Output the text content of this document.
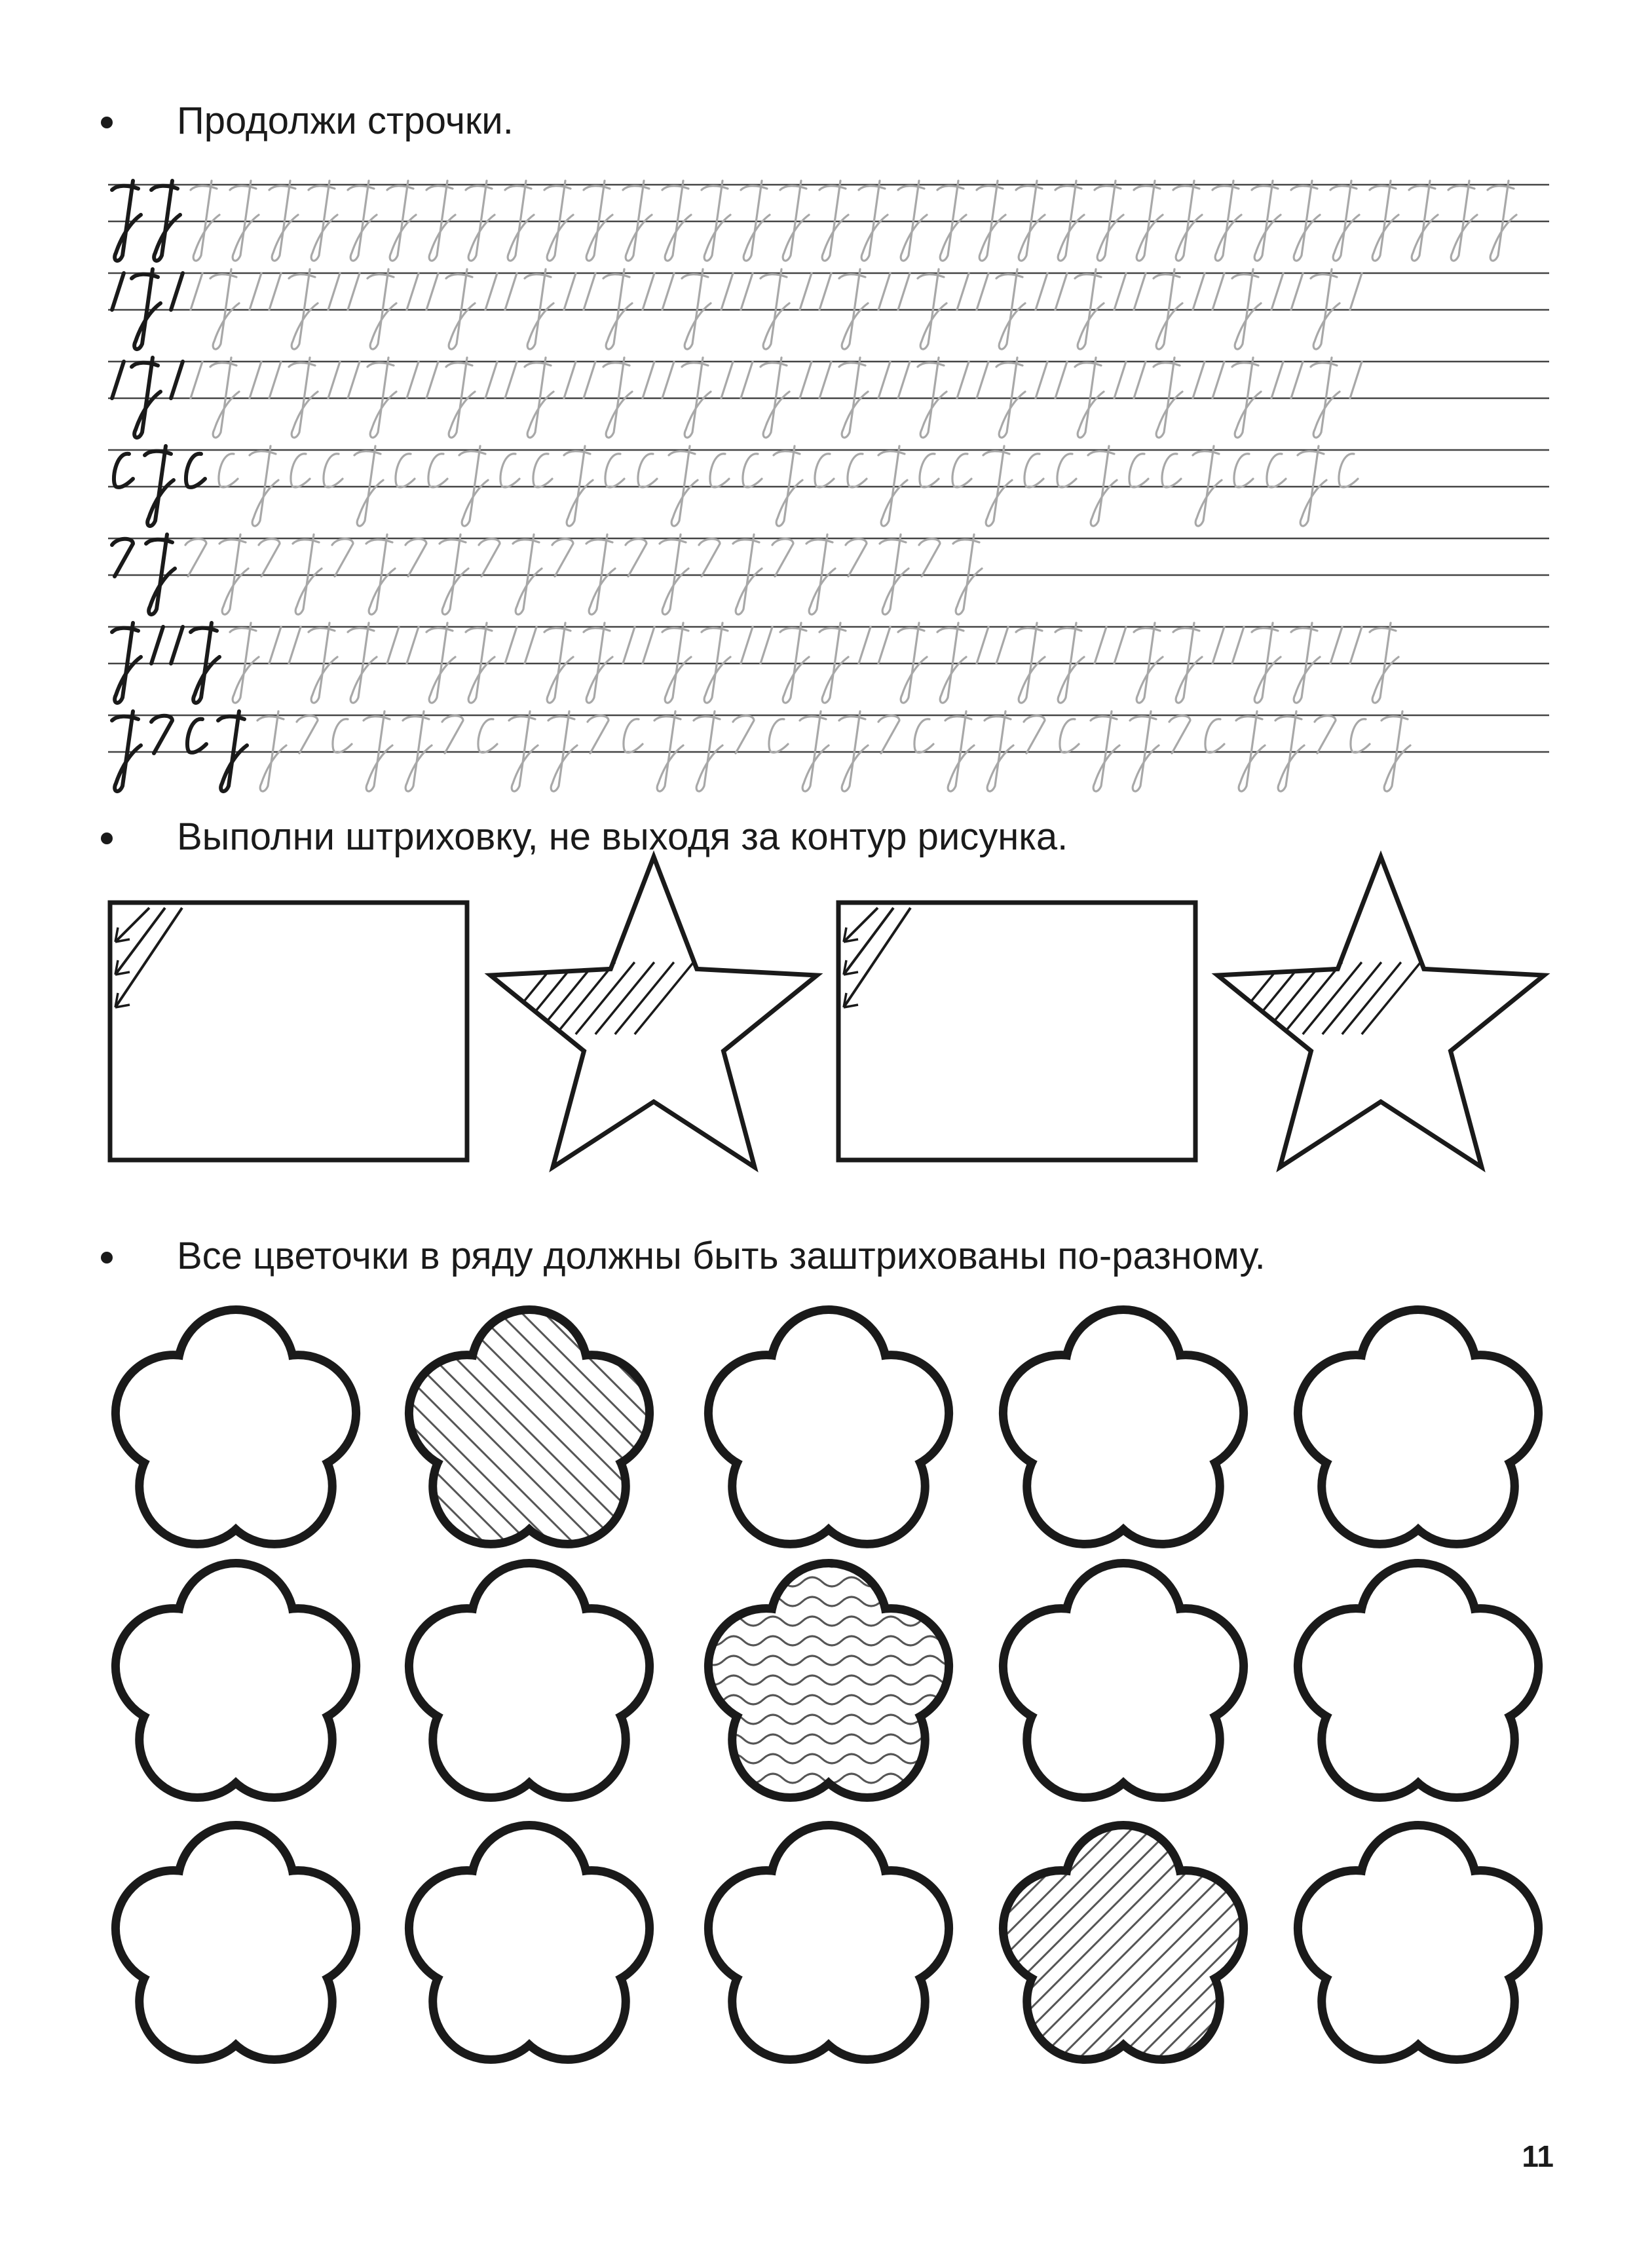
Продолжи строчки.
Выполни штриховку, не выходя за контур рисунка.
Все цветочки в ряду должны быть заштрихованы по-разному.
11
